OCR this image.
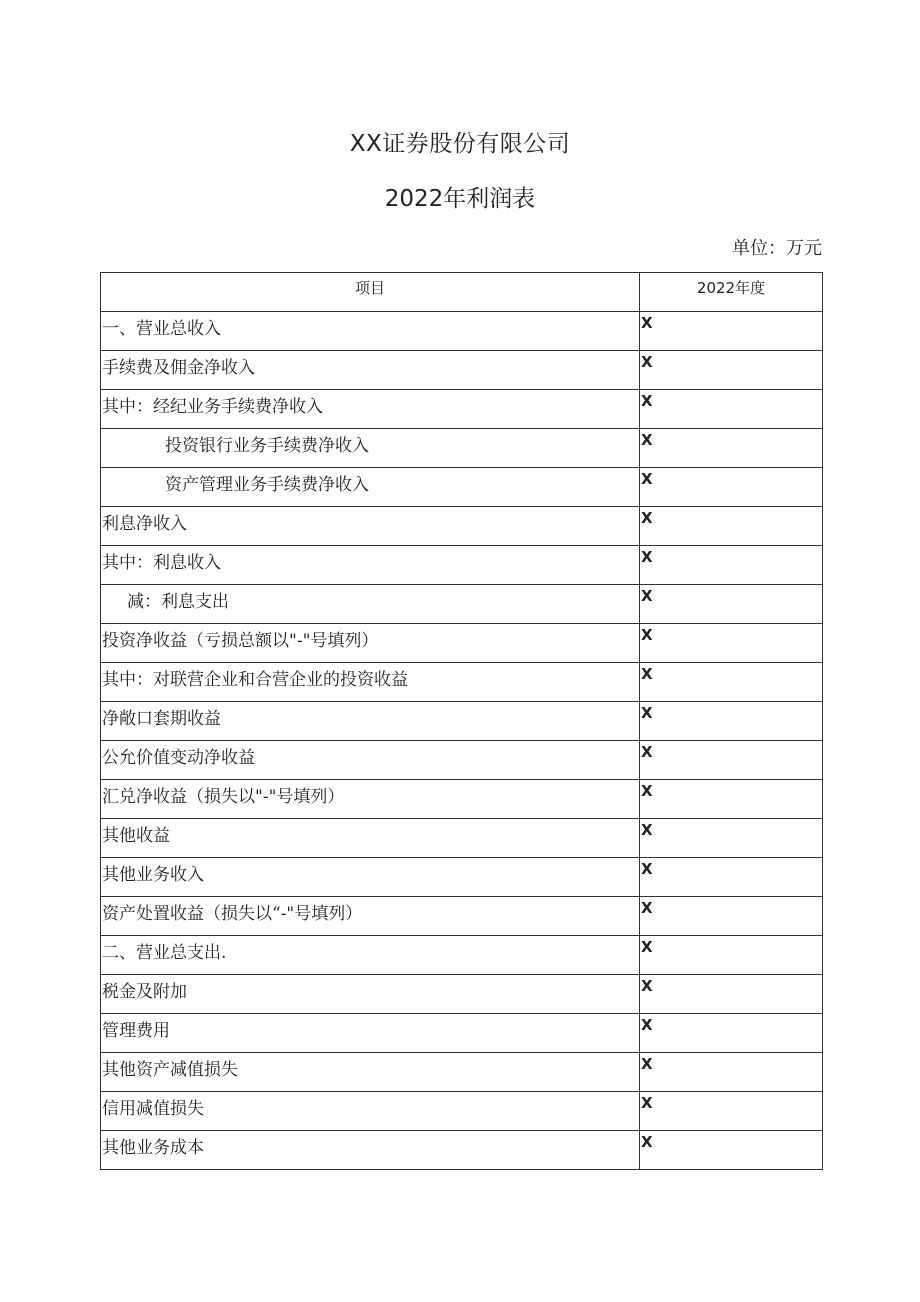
XX证券股份有限公司
2022年利润表
单位：万元
项目	2022年度
一、营业总收入	X
手续费及佣金净收入	X
其中：经纪业务手续费净收入	X
投资银行业务手续费净收入	X
资产管理业务手续费净收入	X
利息净收入	X
其中：利息收入	X
减：利息支出	X
投资净收益（亏损总额以"-"号填列）	X
其中：对联营企业和合营企业的投资收益	X
净敞口套期收益	X
公允价值变动净收益	X
汇兑净收益（损失以"-"号填列）	X
其他收益	X
其他业务收入	X
资产处置收益（损失以“-"号填列）	X
二、营业总支出.	X
税金及附加	X
管理费用	X
其他资产减值损失	X
信用减值损失	X
其他业务成本	X
